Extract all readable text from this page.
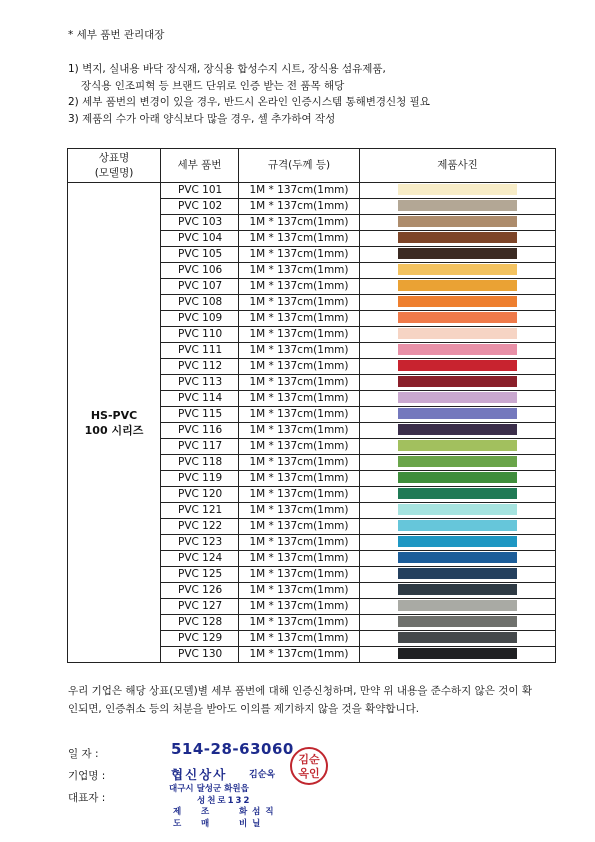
* 세부 품번 관리대장
1) 벽지, 실내용 바닥 장식재, 장식용 합성수지 시트, 장식용 섬유제품,
장식용 인조피혁 등 브랜드 단위로 인증 받는 전 품목 해당
2) 세부 품번의 변경이 있을 경우, 반드시 온라인 인증시스템 통해변경신청 필요
3) 제품의 수가 아래 양식보다 많을 경우, 셀 추가하여 작성
상표명
(모델명)	세부 품번	규격(두께 등)	제품사진

HS-PVC
100 시리즈	PVC 101	1M * 137cm(1mm)	
	PVC 102	1M * 137cm(1mm)	
	PVC 103	1M * 137cm(1mm)	
	PVC 104	1M * 137cm(1mm)	
	PVC 105	1M * 137cm(1mm)	
	PVC 106	1M * 137cm(1mm)	
	PVC 107	1M * 137cm(1mm)	
	PVC 108	1M * 137cm(1mm)	
	PVC 109	1M * 137cm(1mm)	
	PVC 110	1M * 137cm(1mm)	
	PVC 111	1M * 137cm(1mm)	
	PVC 112	1M * 137cm(1mm)	
	PVC 113	1M * 137cm(1mm)	
	PVC 114	1M * 137cm(1mm)	
	PVC 115	1M * 137cm(1mm)	
	PVC 116	1M * 137cm(1mm)	
	PVC 117	1M * 137cm(1mm)	
	PVC 118	1M * 137cm(1mm)	
	PVC 119	1M * 137cm(1mm)	
	PVC 120	1M * 137cm(1mm)	
	PVC 121	1M * 137cm(1mm)	
	PVC 122	1M * 137cm(1mm)	
	PVC 123	1M * 137cm(1mm)	
	PVC 124	1M * 137cm(1mm)	
	PVC 125	1M * 137cm(1mm)	
	PVC 126	1M * 137cm(1mm)	
	PVC 127	1M * 137cm(1mm)	
	PVC 128	1M * 137cm(1mm)	
	PVC 129	1M * 137cm(1mm)	
	PVC 130	1M * 137cm(1mm)	
우리 기업은 해당 상표(모델)별 세부 품번에 대해 인증신청하며, 만약 위 내용을 준수하지 않은 것이 확인되면, 인증취소 등의 처분을 받아도 이의를 제기하지 않을 것을 확약합니다.
일 자 :
기업명 :
대표자 :
514-28-63060
협신상사 김순옥
대구시 달성군 화원읍
성천로132
제	조	화 섬 직
도	매	비 닐
김순
옥인
